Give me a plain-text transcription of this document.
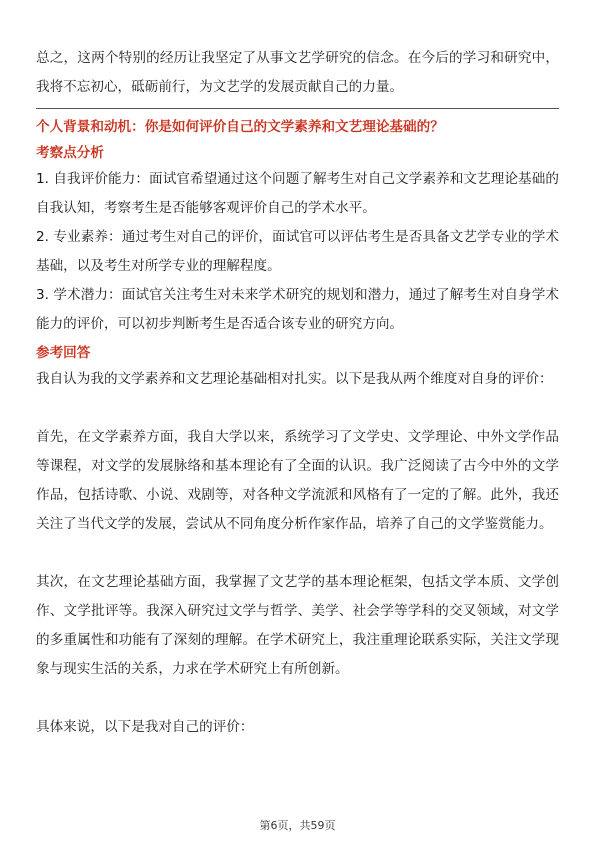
总之，这两个特别的经历让我坚定了从事文艺学研究的信念。在今后的学习和研究中，我将不忘初心，砥砺前行，为文艺学的发展贡献自己的力量。

个人背景和动机：你是如何评价自己的文学素养和文艺理论基础的？

考察点分析

1. 自我评价能力：面试官希望通过这个问题了解考生对自己文学素养和文艺理论基础的自我认知，考察考生是否能够客观评价自己的学术水平。

2. 专业素养：通过考生对自己的评价，面试官可以评估考生是否具备文艺学专业的学术基础，以及考生对所学专业的理解程度。

3. 学术潜力：面试官关注考生对未来学术研究的规划和潜力，通过了解考生对自身学术能力的评价，可以初步判断考生是否适合该专业的研究方向。

参考回答

我自认为我的文学素养和文艺理论基础相对扎实。以下是我从两个维度对自身的评价：

首先，在文学素养方面，我自大学以来，系统学习了文学史、文学理论、中外文学作品等课程，对文学的发展脉络和基本理论有了全面的认识。我广泛阅读了古今中外的文学作品，包括诗歌、小说、戏剧等，对各种文学流派和风格有了一定的了解。此外，我还关注了当代文学的发展，尝试从不同角度分析作家作品，培养了自己的文学鉴赏能力。

其次，在文艺理论基础方面，我掌握了文艺学的基本理论框架，包括文学本质、文学创作、文学批评等。我深入研究过文学与哲学、美学、社会学等学科的交叉领域，对文学的多重属性和功能有了深刻的理解。在学术研究上，我注重理论联系实际，关注文学现象与现实生活的关系，力求在学术研究上有所创新。

具体来说，以下是我对自己的评价：

第6页，共59页
